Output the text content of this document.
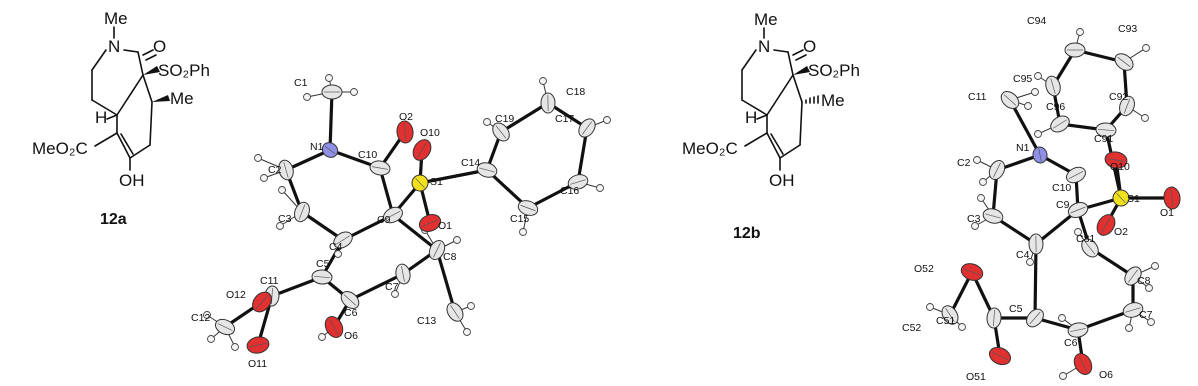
Me
N O
SO₂Ph
Me
H
MeO₂C
OH
12a
Me
N O
SO₂Ph
Me
H
MeO₂C
OH
12b
C1
N1
C2
C3
C4
C5
C6
C7
C8
C9
C10
S1
O2
O10
O1
C14
C19
C18
C17
C16
C15
C13
C11
O12
O11
C12
O6
C94
C93
C95
C92
C96
C91
C11
N1
C2
C10
O10
S1
O1
O2
C9
C3
C81
C4
C8
C7
O52
C52
C51
C5
C6
O51	O6
